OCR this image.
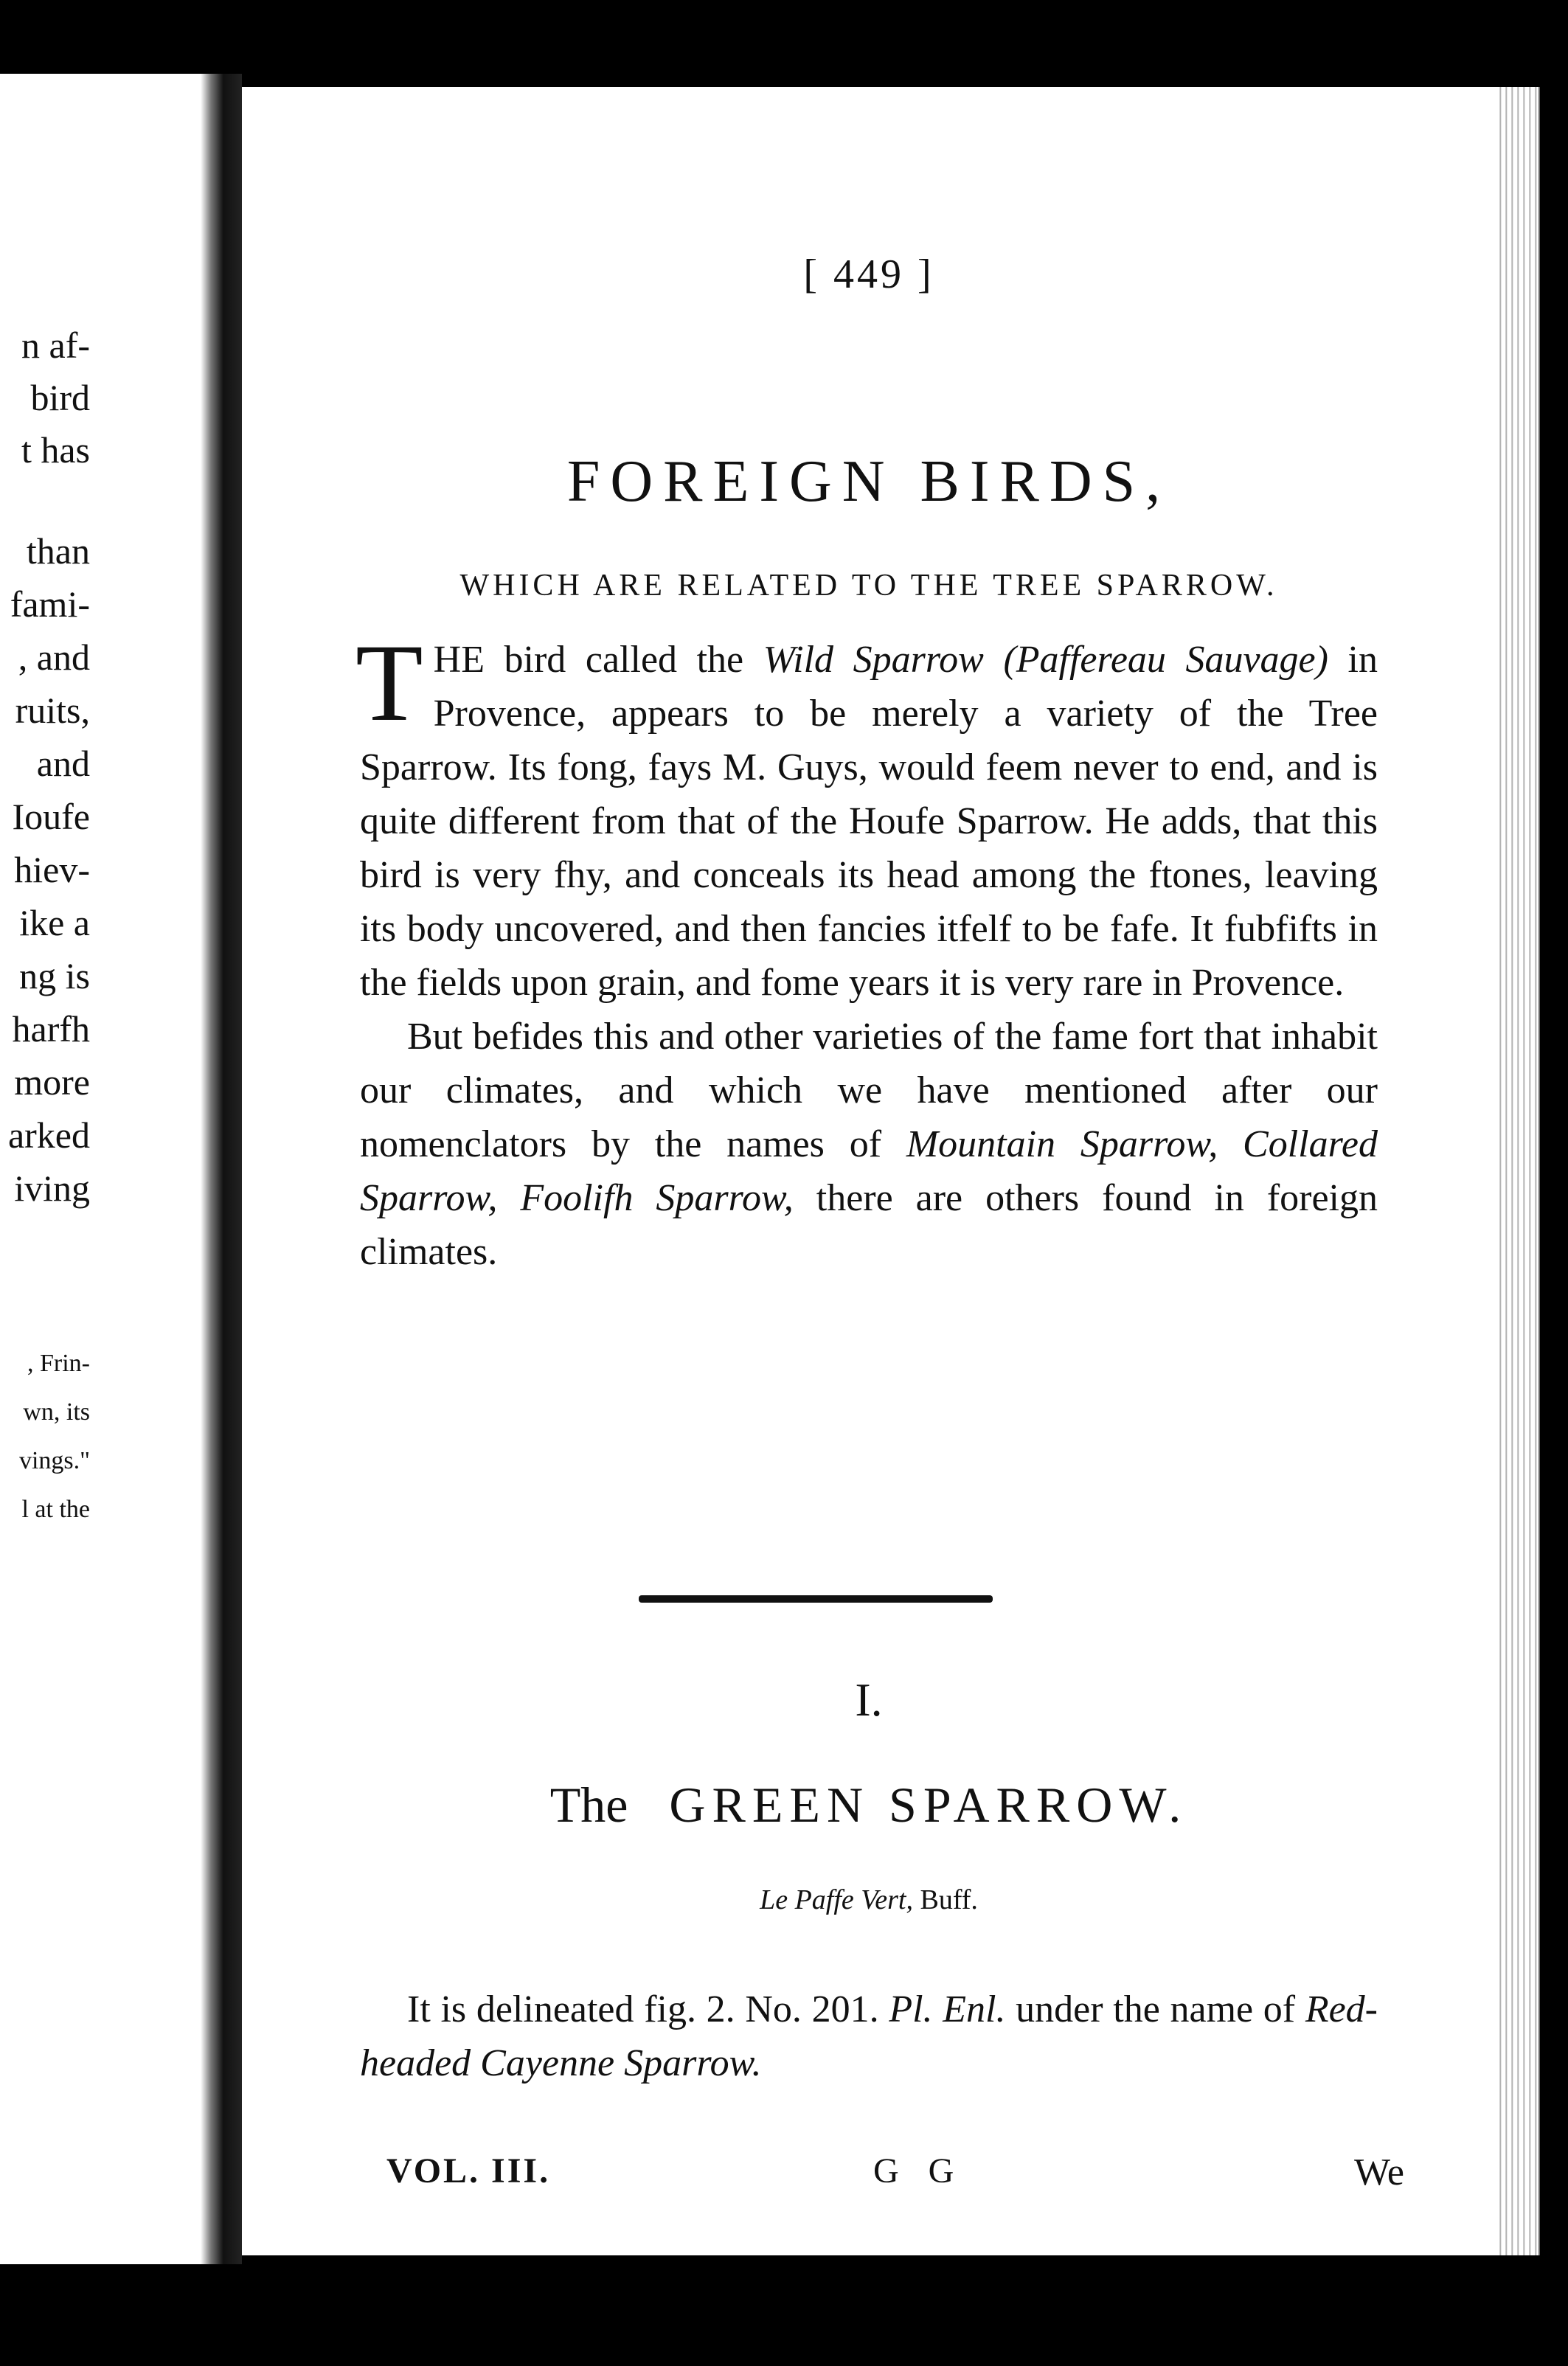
n af-
bird
t has
than
fami-
, and
ruits,
and
Ioufe
hiev-
ike a
ng is
harfh
more
arked
iving
, Frin-
wn, its
vings."
l at the
[ 449 ]
FOREIGN BIRDS,
WHICH ARE RELATED TO THE TREE SPARROW.

THE bird called the Wild Sparrow (Paffereau Sauvage) in Provence, appears to be merely a variety of the Tree Sparrow. Its fong, fays M. Guys, would feem never to end, and is quite different from that of the Houfe Sparrow. He adds, that this bird is very fhy, and conceals its head among the ftones, leaving its body uncovered, and then fancies itfelf to be fafe. It fubfifts in the fields upon grain, and fome years it is very rare in Provence.

But befides this and other varieties of the fame fort that inhabit our climates, and which we have mentioned after our nomenclators by the names of Mountain Sparrow, Collared Sparrow, Foolifh Sparrow, there are others found in foreign climates.

I.
The GREEN SPARROW.
Le Paffe Vert, Buff.

It is delineated fig. 2. No. 201. Pl. Enl. under the name of Red-headed Cayenne Sparrow.

VOL. III.	G G	We
